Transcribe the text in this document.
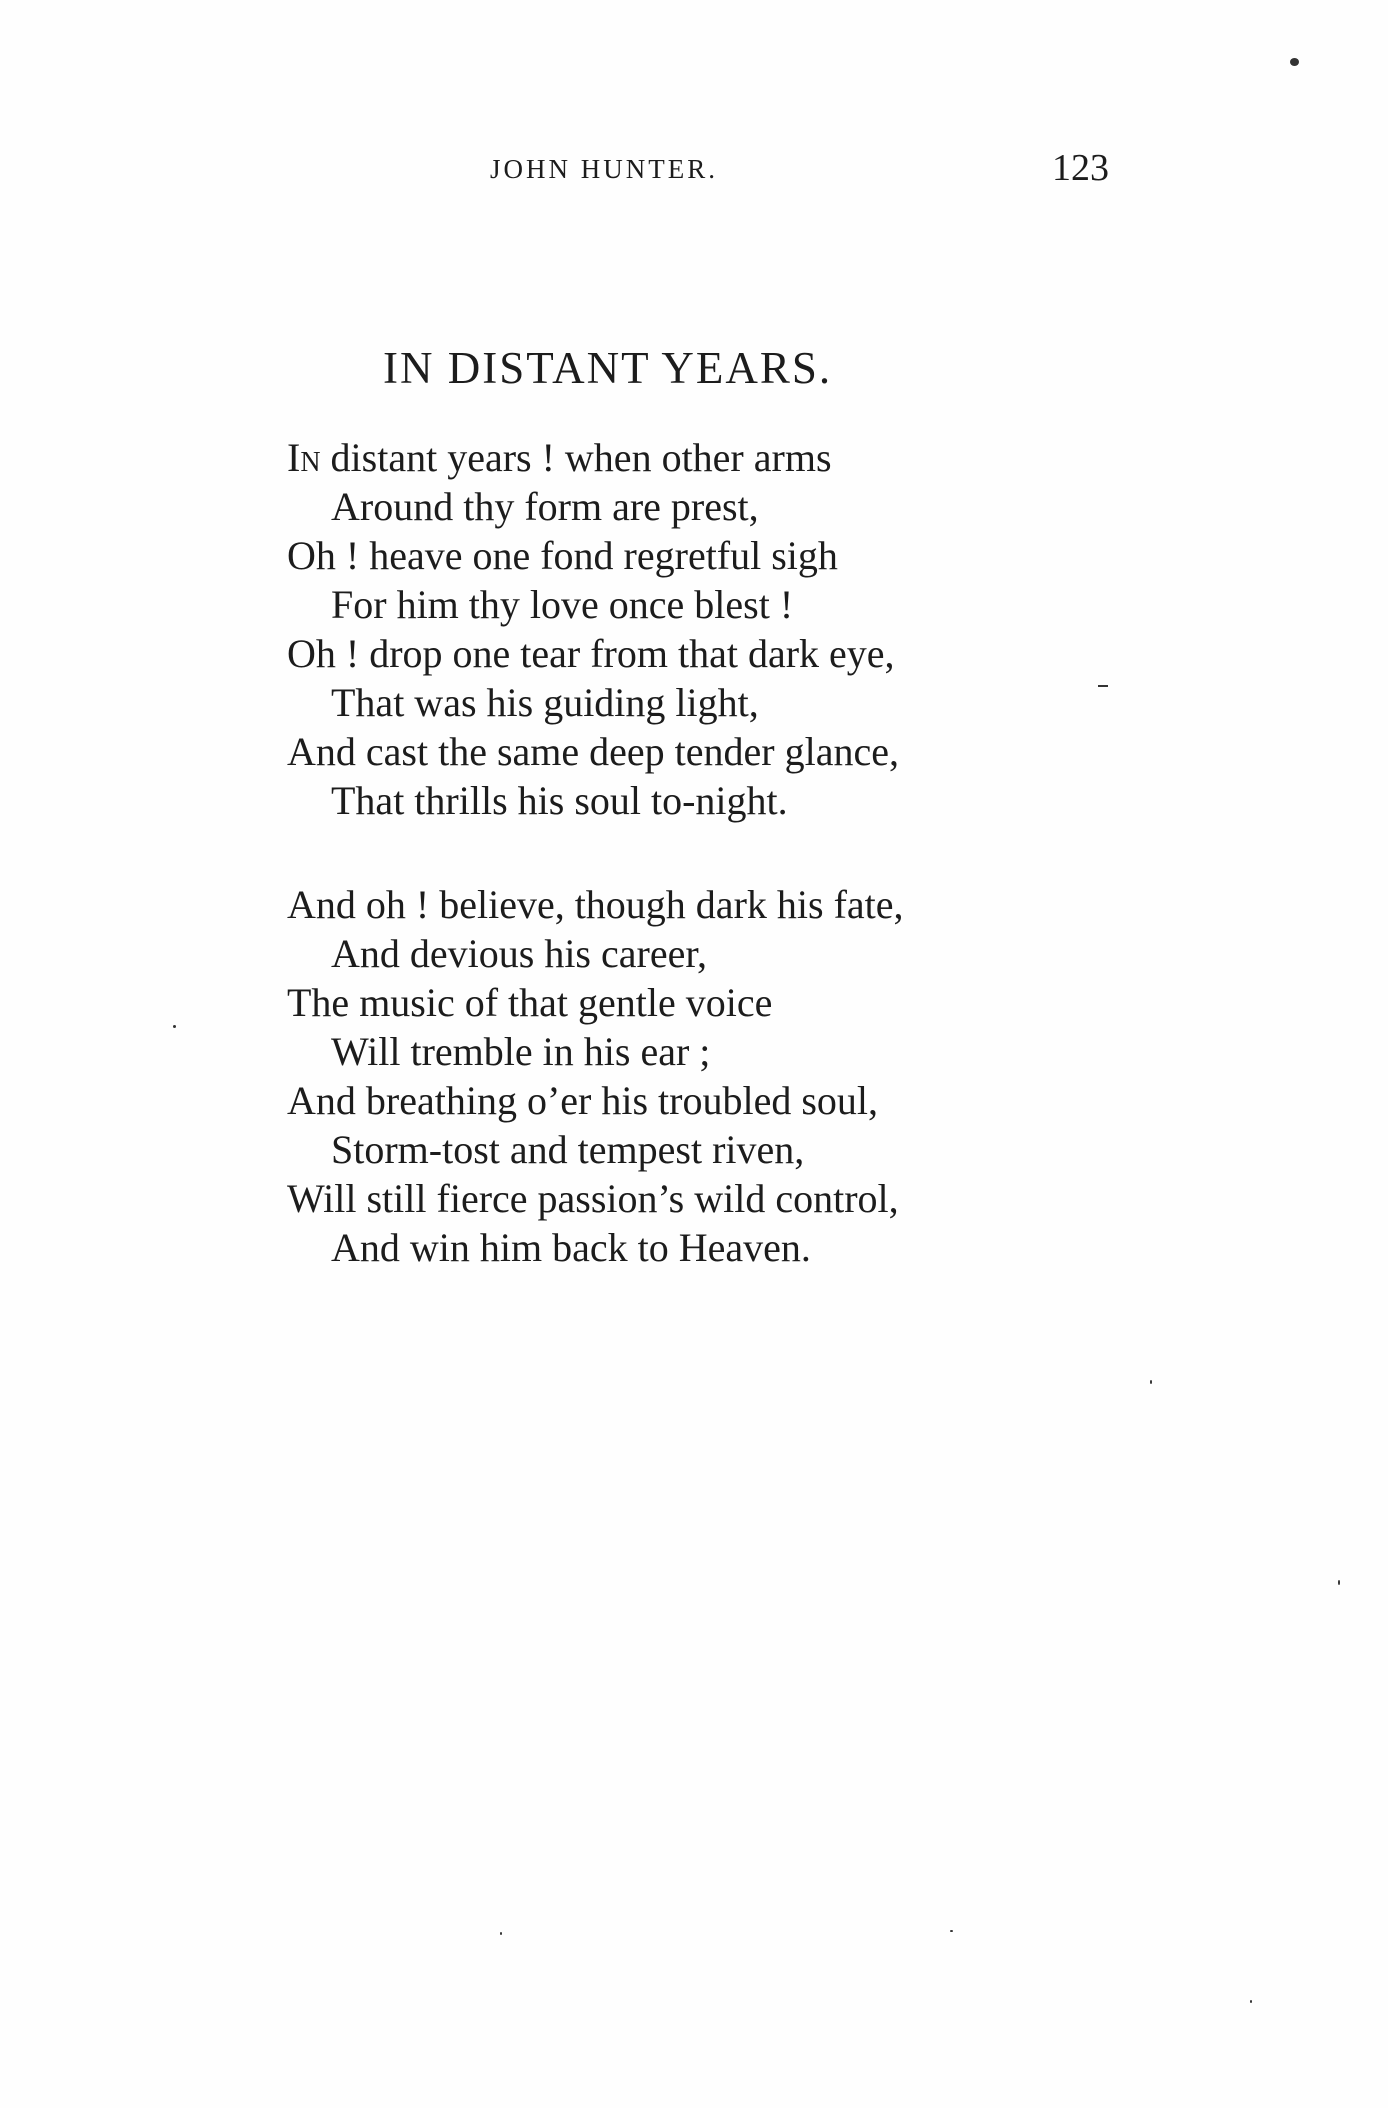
JOHN HUNTER.	123
IN DISTANT YEARS.
In distant years ! when other arms
Around thy form are prest,
Oh ! heave one fond regretful sigh
For him thy love once blest !
Oh ! drop one tear from that dark eye,
That was his guiding light,
And cast the same deep tender glance,
That thrills his soul to-night.
And oh ! believe, though dark his fate,
And devious his career,
The music of that gentle voice
Will tremble in his ear ;
And breathing o’er his troubled soul,
Storm-tost and tempest riven,
Will still fierce passion’s wild control,
And win him back to Heaven.
